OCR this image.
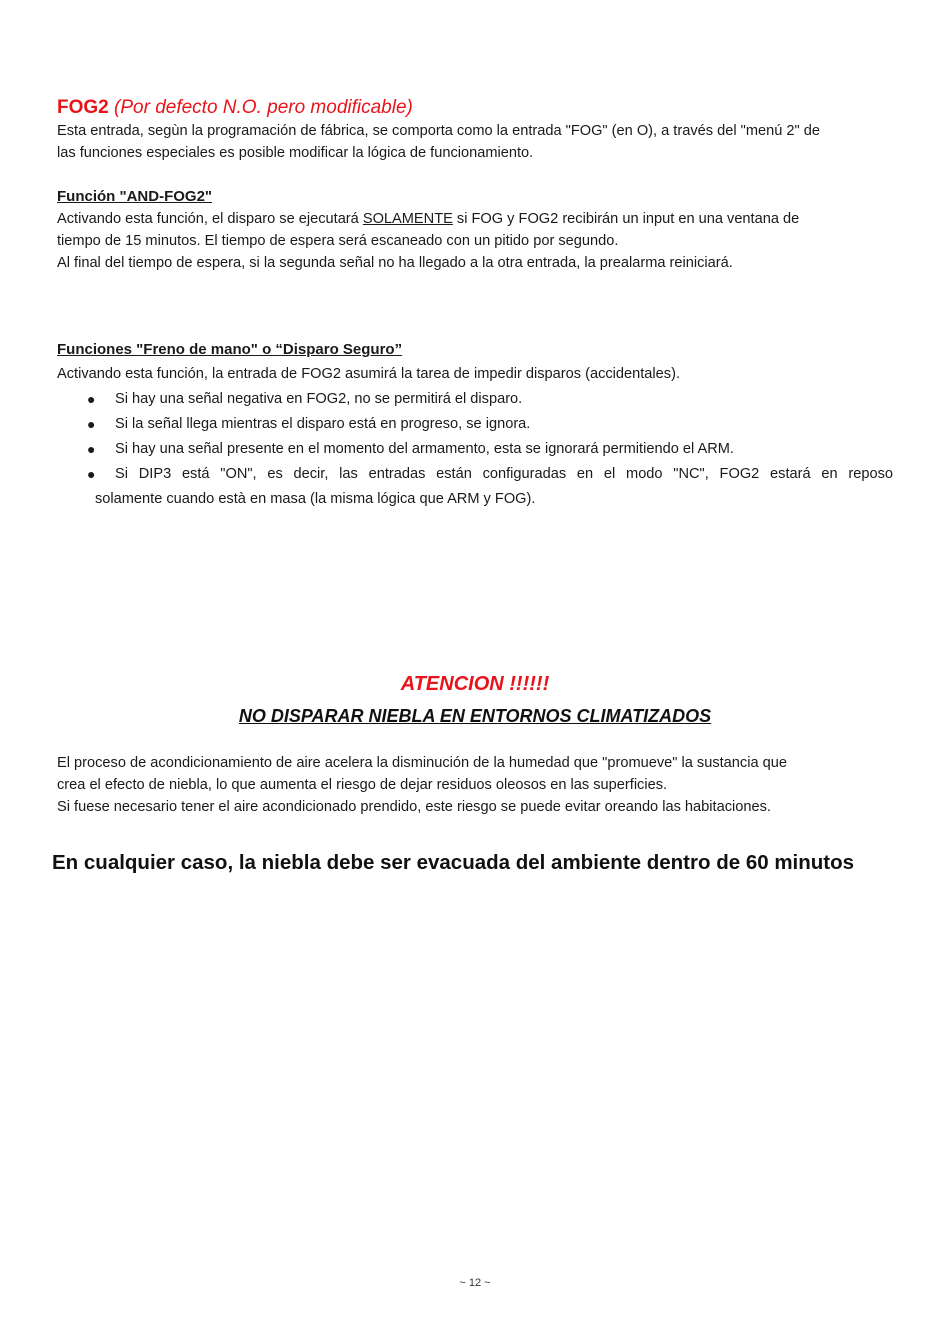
FOG2 (Por defecto N.O. pero modificable)

Esta entrada, segùn la programación de fábrica, se comporta como la entrada "FOG" (en O), a través del "menú 2" de

las funciones especiales es posible modificar la lógica de funcionamiento.

Función "AND-FOG2"

Activando esta función, el disparo se ejecutará SOLAMENTE si FOG y FOG2 recibirán un input en una ventana de

tiempo de 15 minutos. El tiempo de espera será escaneado con un pitido por segundo.

Al final del tiempo de espera, si la segunda señal no ha llegado a la otra entrada, la prealarma reiniciará.

Funciones "Freno de mano" o “Disparo Seguro”

Activando esta función, la entrada de FOG2 asumirá la tarea de impedir disparos (accidentales).

● Si hay una señal negativa en FOG2, no se permitirá el disparo.
● Si la señal llega mientras el disparo está en progreso, se ignora.
● Si hay una señal presente en el momento del armamento, esta se ignorará permitiendo el ARM.
● Si DIP3 está "ON", es decir, las entradas están configuradas en el modo "NC", FOG2 estará en reposo
solamente cuando està en masa (la misma lógica que ARM y FOG).
ATENCION !!!!!!
NO DISPARAR NIEBLA EN ENTORNOS CLIMATIZADOS

El proceso de acondicionamiento de aire acelera la disminución de la humedad que "promueve" la sustancia que

crea el efecto de niebla, lo que aumenta el riesgo de dejar residuos oleosos en las superficies.

Si fuese necesario tener el aire acondicionado prendido, este riesgo se puede evitar oreando las habitaciones.

En cualquier caso, la niebla debe ser evacuada del ambiente dentro de 60 minutos
~ 12 ~
